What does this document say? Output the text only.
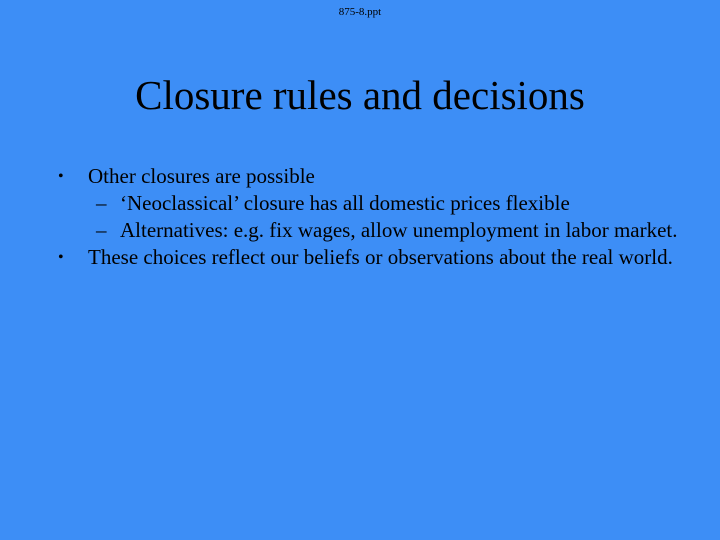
875-8.ppt
Closure rules and decisions
•	Other closures are possible
– ‘Neoclassical’ closure has all domestic prices flexible
– Alternatives: e.g. fix wages, allow unemployment in labor market.
•	These choices reflect our beliefs or observations about the real world.
